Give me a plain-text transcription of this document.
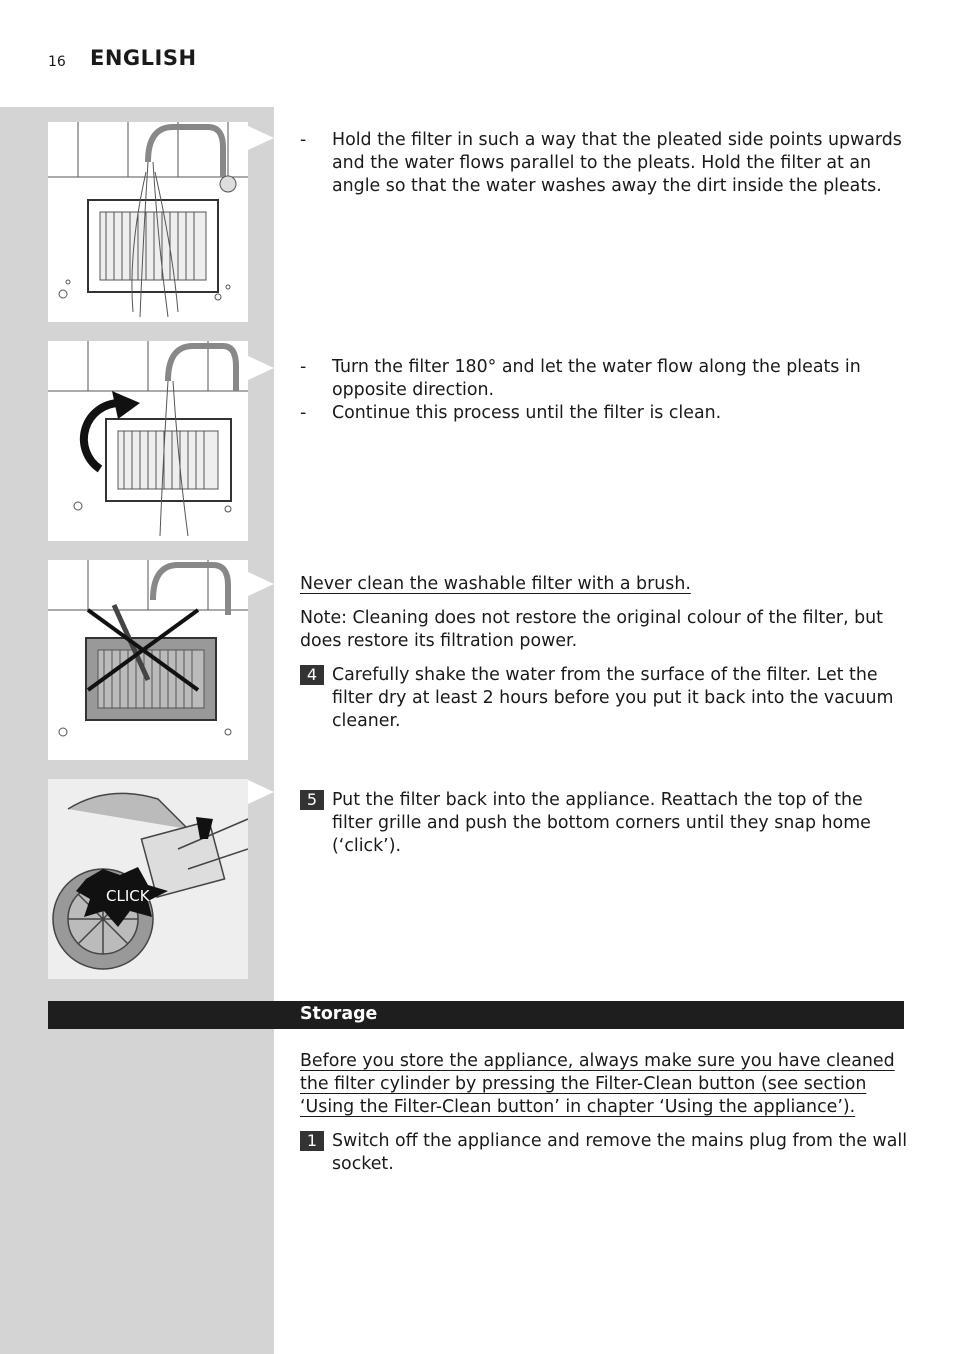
16 ENGLISH
CLICK

- Hold the filter in such a way that the pleated side points upwards and the water flows parallel to the pleats. Hold the filter at an angle so that the water washes away the dirt inside the pleats.

- Turn the filter 180° and let the water flow along the pleats in opposite direction.

- Continue this process until the filter is clean.

Never clean the washable filter with a brush.

Note: Cleaning does not restore the original colour of the filter, but does restore its filtration power.

4 Carefully shake the water from the surface of the filter. Let the filter dry at least 2 hours before you put it back into the vacuum cleaner.

5 Put the filter back into the appliance. Reattach the top of the filter grille and push the bottom corners until they snap home (‘click’).

Storage

Before you store the appliance, always make sure you have cleaned the filter cylinder by pressing the Filter-Clean button (see section ‘Using the Filter-Clean button’ in chapter ‘Using the appliance’).

1 Switch off the appliance and remove the mains plug from the wall socket.
